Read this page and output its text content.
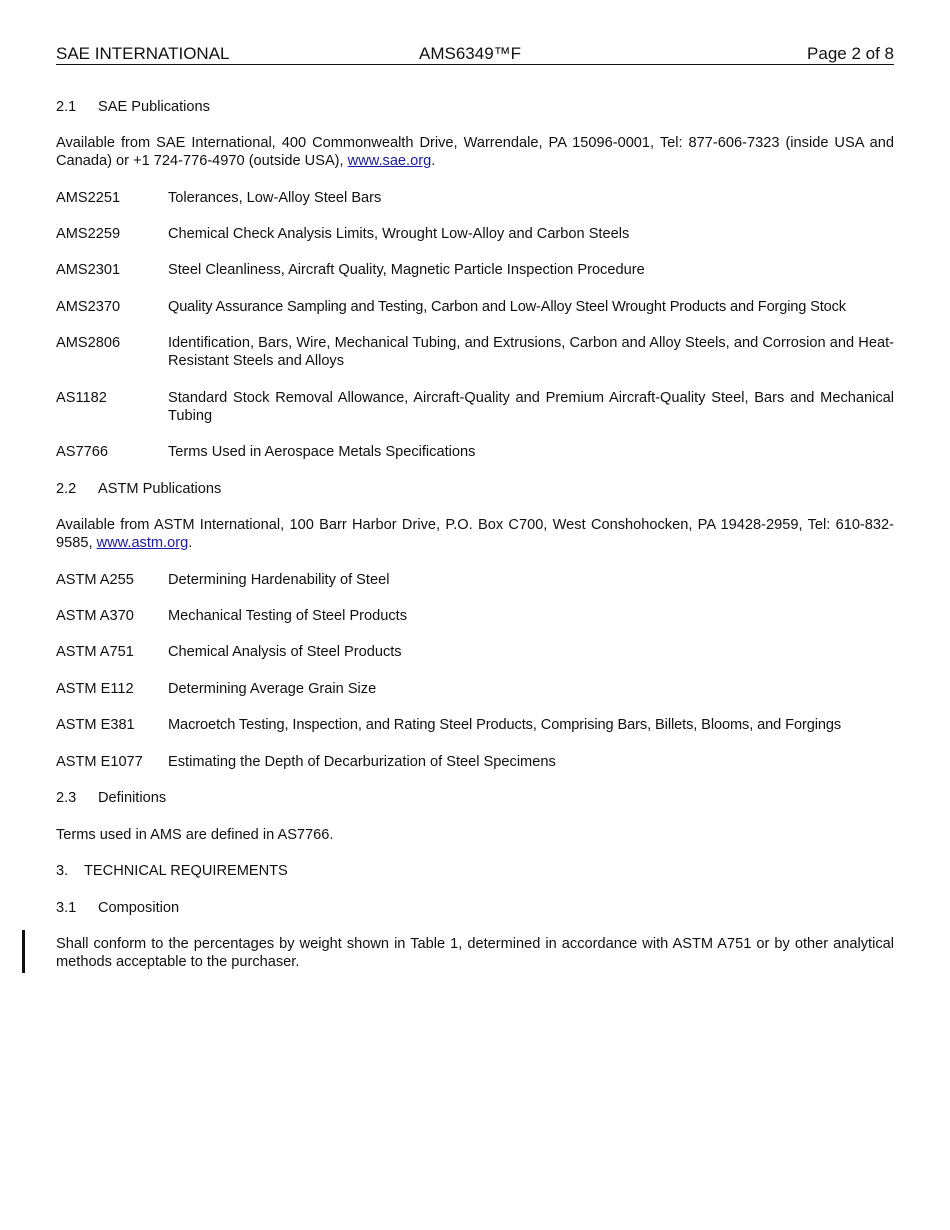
SAE INTERNATIONAL	AMS6349™F	Page 2 of 8
2.1 SAE Publications
Available from SAE International, 400 Commonwealth Drive, Warrendale, PA 15096-0001, Tel: 877-606-7323 (inside USA and Canada) or +1 724-776-4970 (outside USA), www.sae.org.
AMS2251	Tolerances, Low-Alloy Steel Bars
AMS2259	Chemical Check Analysis Limits, Wrought Low-Alloy and Carbon Steels
AMS2301	Steel Cleanliness, Aircraft Quality, Magnetic Particle Inspection Procedure
AMS2370	Quality Assurance Sampling and Testing, Carbon and Low-Alloy Steel Wrought Products and Forging Stock
AMS2806	Identification, Bars, Wire, Mechanical Tubing, and Extrusions, Carbon and Alloy Steels, and Corrosion and Heat-Resistant Steels and Alloys
AS1182	Standard Stock Removal Allowance, Aircraft-Quality and Premium Aircraft-Quality Steel, Bars and Mechanical Tubing
AS7766	Terms Used in Aerospace Metals Specifications
2.2 ASTM Publications
Available from ASTM International, 100 Barr Harbor Drive, P.O. Box C700, West Conshohocken, PA 19428-2959, Tel: 610-832-9585, www.astm.org.
ASTM A255	Determining Hardenability of Steel
ASTM A370	Mechanical Testing of Steel Products
ASTM A751	Chemical Analysis of Steel Products
ASTM E112	Determining Average Grain Size
ASTM E381	Macroetch Testing, Inspection, and Rating Steel Products, Comprising Bars, Billets, Blooms, and Forgings
ASTM E1077	Estimating the Depth of Decarburization of Steel Specimens
2.3 Definitions
Terms used in AMS are defined in AS7766.
3. TECHNICAL REQUIREMENTS
3.1 Composition
Shall conform to the percentages by weight shown in Table 1, determined in accordance with ASTM A751 or by other analytical methods acceptable to the purchaser.
